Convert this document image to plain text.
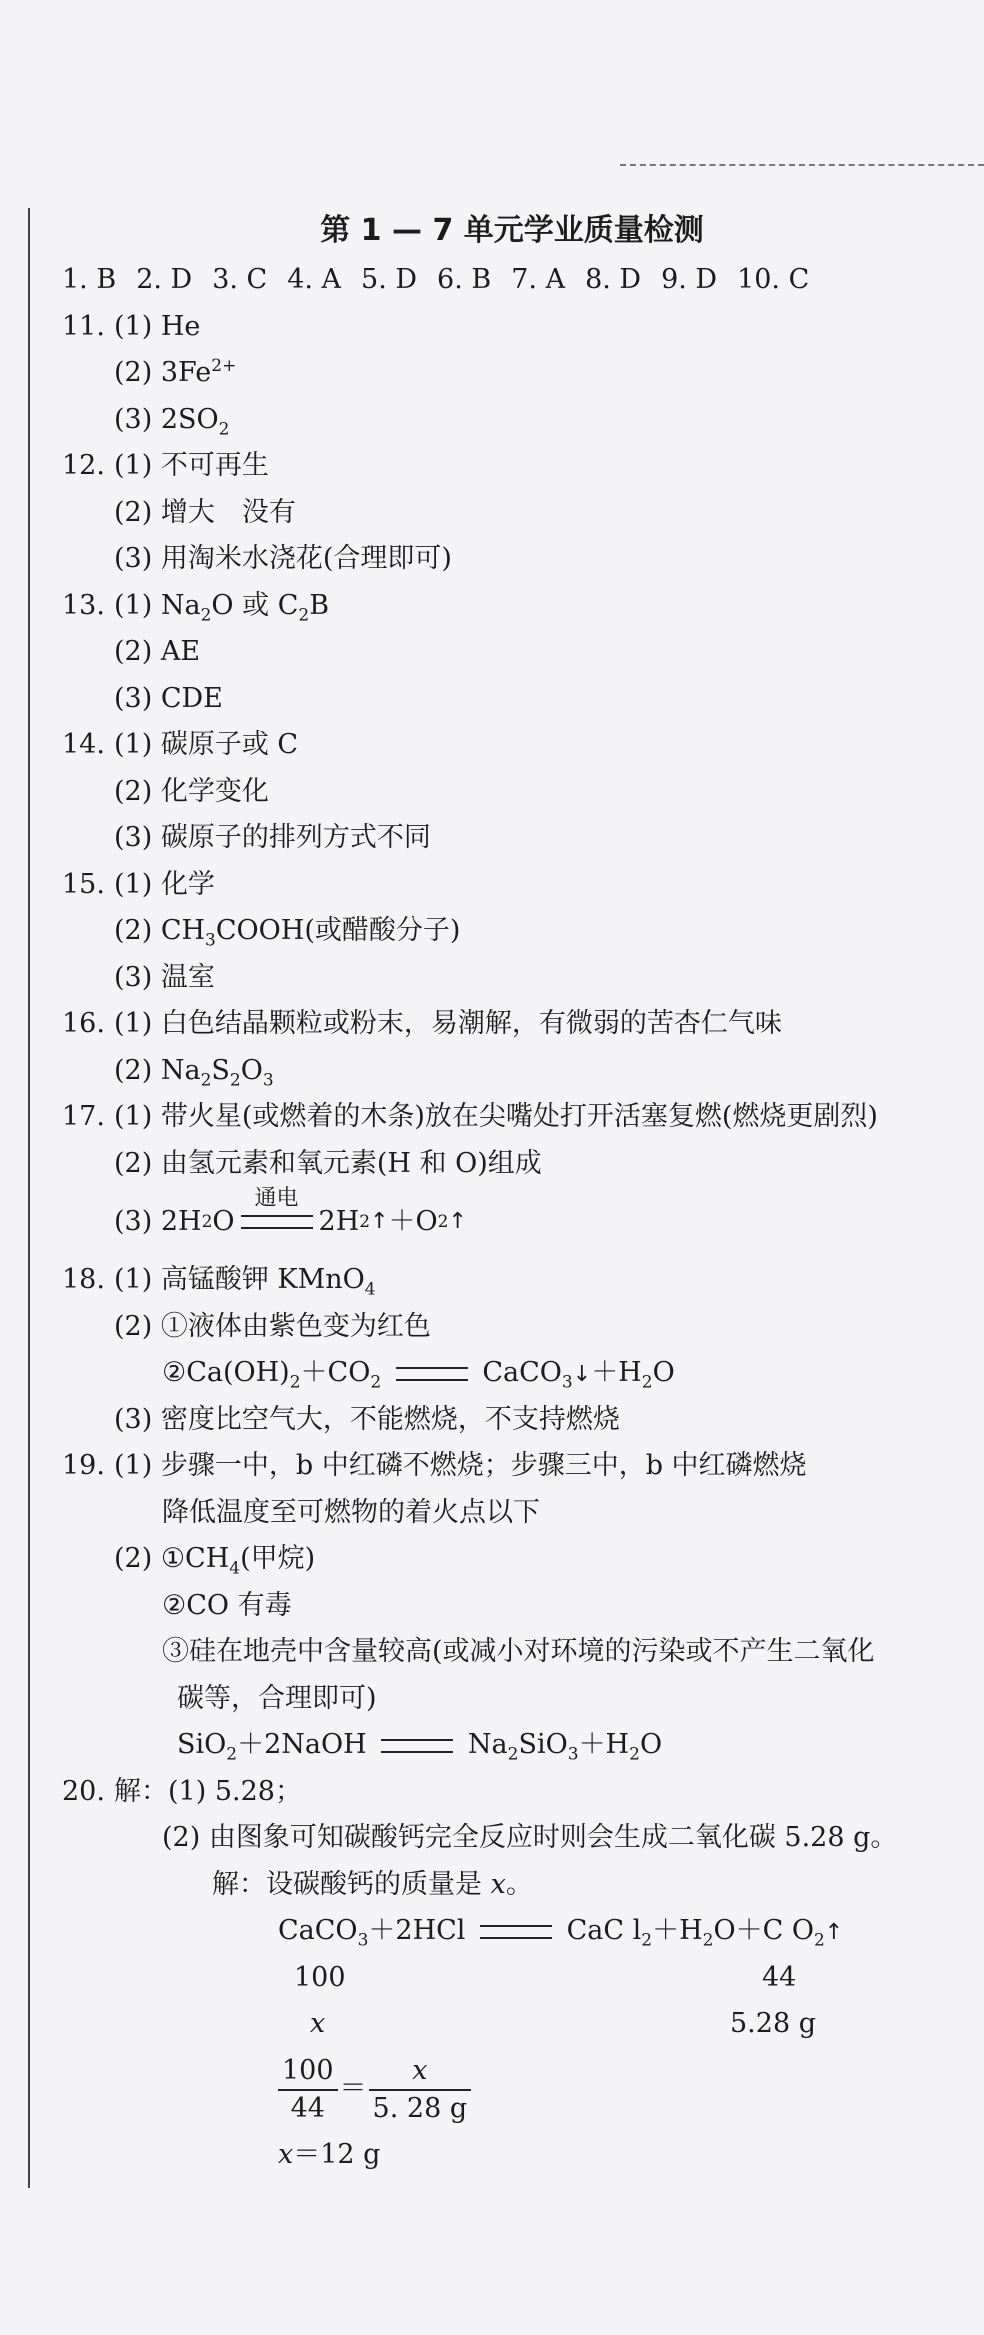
第 1 — 7 单元学业质量检测
1. B 2. D 3. C 4. A 5. D 6. B 7. A 8. D 9. D 10. C
11. (1) He
(2) $3Fe^{2+}$
(3) $2SO_2$
12. (1) 不可再生
(2) 增大　没有
(3) 用淘米水浇花(合理即可)
13. (1) $Na_2O$ 或 $C_2B$
(2) AE
(3) CDE
14. (1) 碳原子或 C
(2) 化学变化
(3) 碳原子的排列方式不同
15. (1) 化学
(2) $CH_3COOH$(或醋酸分子)
(3) 温室
16. (1) 白色结晶颗粒或粉末，易潮解，有微弱的苦杏仁气味
(2) $Na_2S_2O_3$
17. (1) 带火星(或燃着的木条)放在尖嘴处打开活塞复燃(燃烧更剧烈)
(2) 由氢元素和氧元素(H 和 O)组成
(3) 2H 2 O
通电
2H 2 ↑ ＋O 2 ↑
18. (1) 高锰酸钾 KMnO$_4$
(2) ①液体由紫色变为红色
$②Ca(OH)_2+CO_2$	$CaCO_3↓+H_2O$
(3) 密度比空气大，不能燃烧，不支持燃烧
19. (1) 步骤一中，b 中红磷不燃烧；步骤三中，b 中红磷燃烧
降低温度至可燃物的着火点以下
(2) $①CH_4$(甲烷)
②CO 有毒
③硅在地壳中含量较高(或减小对环境的污染或不产生二氧化
碳等，合理即可)
SiO$_2$＋2NaOH	$Na_2SiO_3+H_2O$
20. 解：(1) 5.28；
(2) 由图象可知碳酸钙完全反应时则会生成二氧化碳 5.28 g。
解：设碳酸钙的质量是 x。
CaCO$_3$＋2HCl	CaC $l_2+H_2O+C$ $O_2↑$
100	44
x	5.28 g
$\frac{100}{44} = \frac{x}{5. 28 g}$
x＝12 g
